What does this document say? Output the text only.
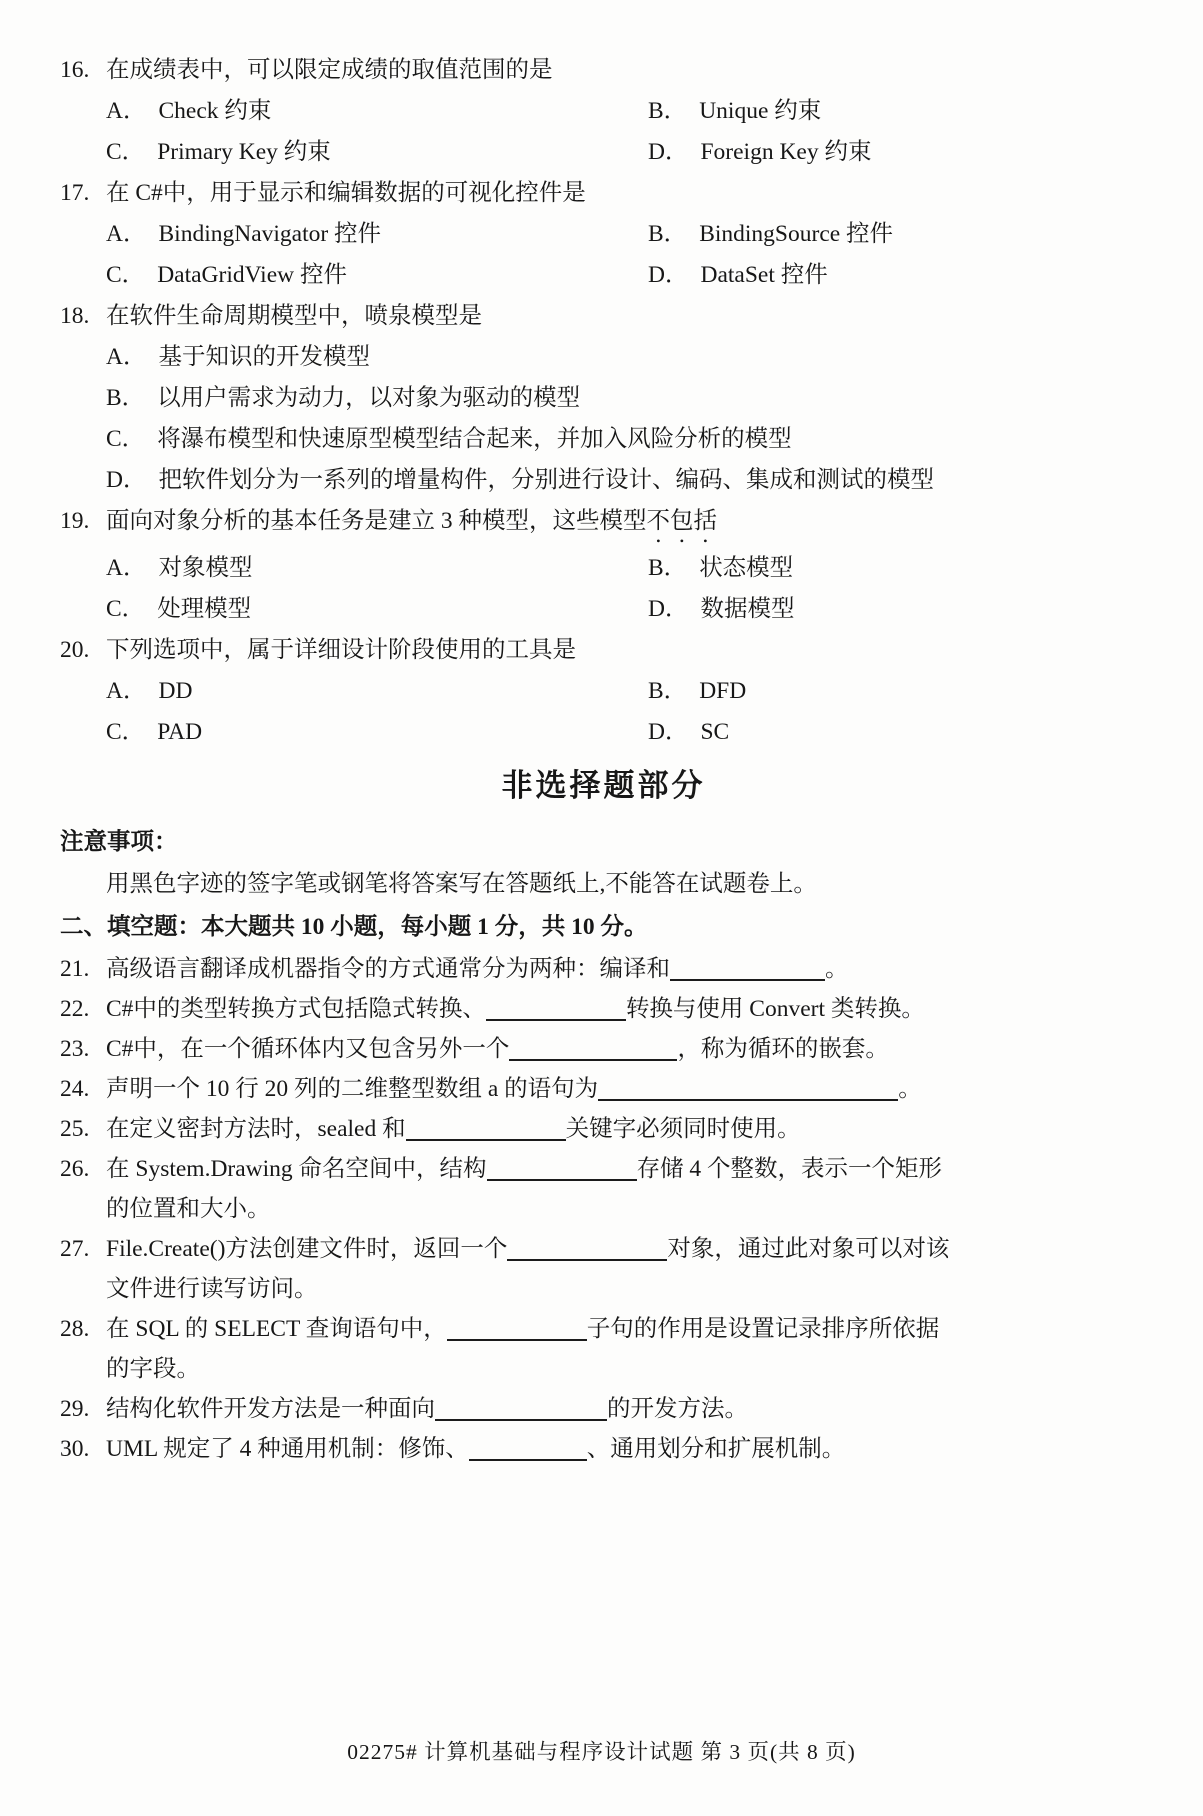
16. 在成绩表中，可以限定成绩的取值范围的是
A． Check 约束	B． Unique 约束
C． Primary Key 约束	D． Foreign Key 约束
17. 在 C#中，用于显示和编辑数据的可视化控件是
A． BindingNavigator 控件	B． BindingSource 控件
C． DataGridView 控件	D． DataSet 控件
18. 在软件生命周期模型中，喷泉模型是
A． 基于知识的开发模型
B． 以用户需求为动力，以对象为驱动的模型
C． 将瀑布模型和快速原型模型结合起来，并加入风险分析的模型
D． 把软件划分为一系列的增量构件，分别进行设计、编码、集成和测试的模型
19. 面向对象分析的基本任务是建立 3 种模型，这些模型不包括
A． 对象模型	B． 状态模型
C． 处理模型	D． 数据模型
20. 下列选项中，属于详细设计阶段使用的工具是
A． DD	B． DFD
C． PAD	D． SC
非选择题部分
注意事项：
用黑色字迹的签字笔或钢笔将答案写在答题纸上,不能答在试题卷上。
二、填空题：本大题共 10 小题，每小题 1 分，共 10 分。
21. 高级语言翻译成机器指令的方式通常分为两种：编译和	。
22. C#中的类型转换方式包括隐式转换、	转换与使用 Convert 类转换。
23. C#中，在一个循环体内又包含另外一个	，称为循环的嵌套。
24. 声明一个 10 行 20 列的二维整型数组 a 的语句为	。
25. 在定义密封方法时，sealed 和	关键字必须同时使用。
26. 在 System.Drawing 命名空间中，结构	存储 4 个整数，表示一个矩形
的位置和大小。
27. File.Create()方法创建文件时，返回一个	对象，通过此对象可以对该
文件进行读写访问。
28. 在 SQL 的 SELECT 查询语句中，	子句的作用是设置记录排序所依据
的字段。
29. 结构化软件开发方法是一种面向	的开发方法。
30. UML 规定了 4 种通用机制：修饰、	、通用划分和扩展机制。
02275# 计算机基础与程序设计试题 第 3 页(共 8 页)
